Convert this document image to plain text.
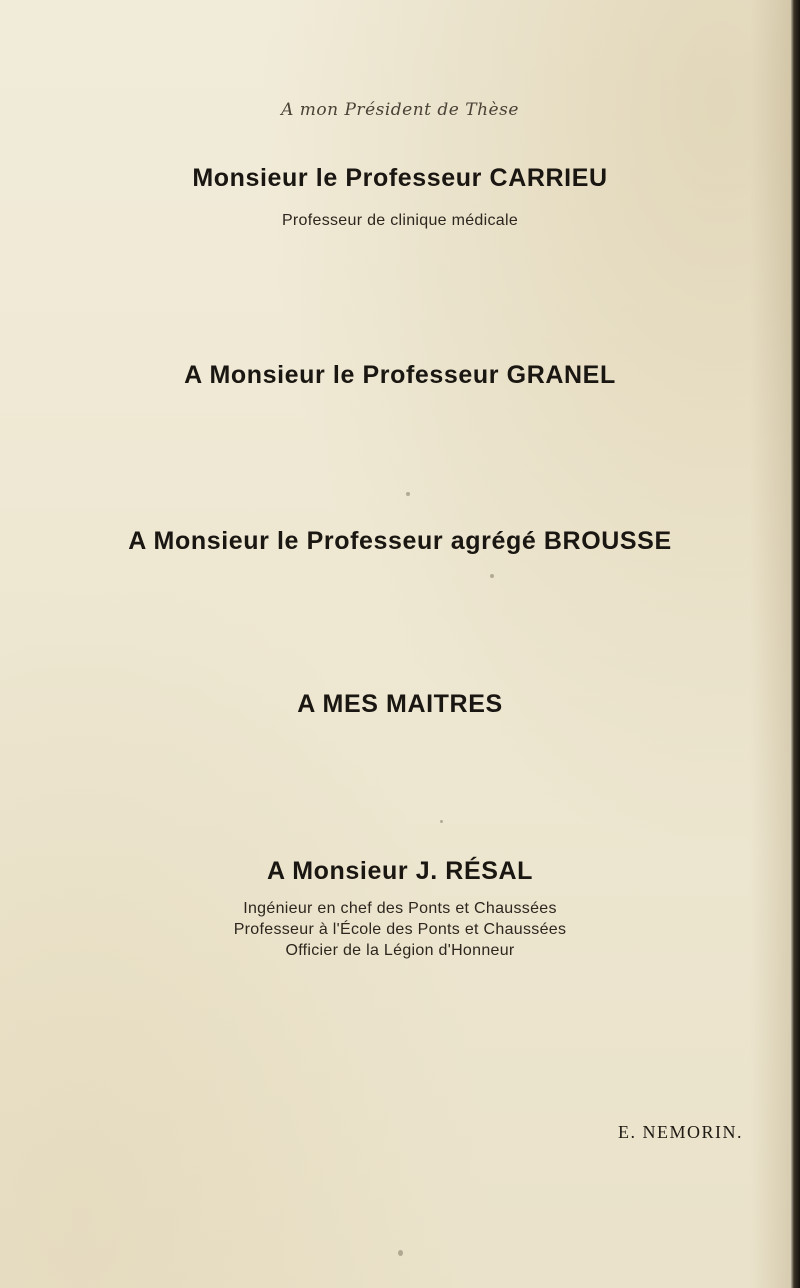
A mon Président de Thèse
Monsieur le Professeur CARRIEU
Professeur de clinique médicale
A Monsieur le Professeur GRANEL
A Monsieur le Professeur agrégé BROUSSE
A MES MAITRES
A Monsieur J. RÉSAL
Ingénieur en chef des Ponts et Chaussées
Professeur à l'École des Ponts et Chaussées
Officier de la Légion d'Honneur
E. NEMORIN.
